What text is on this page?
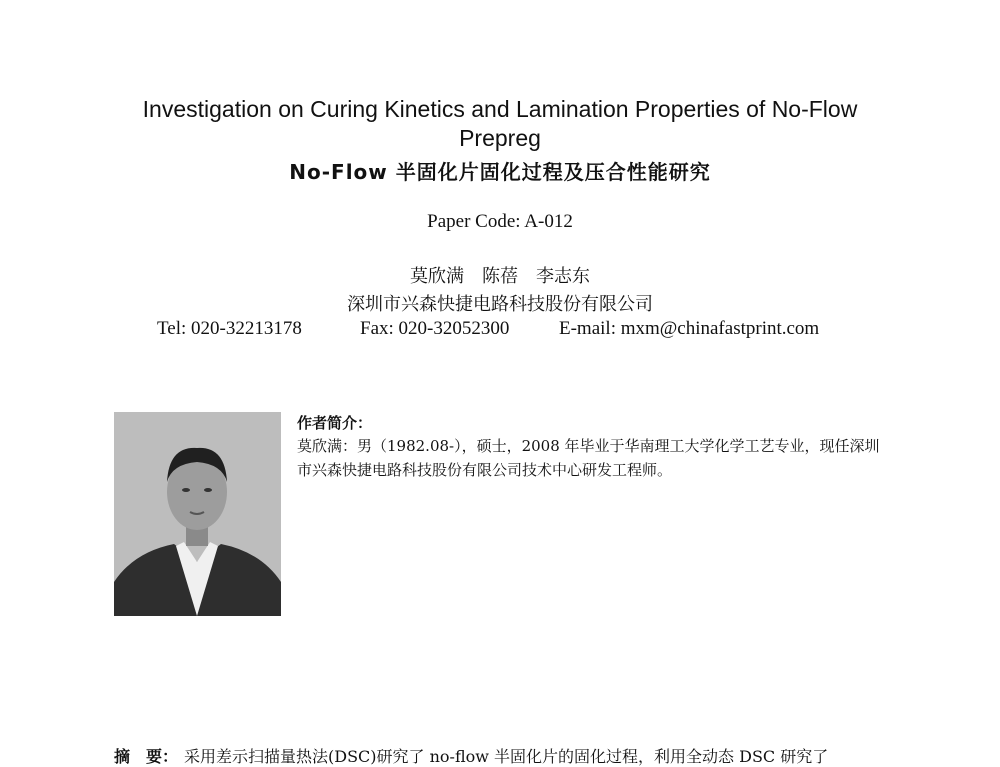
Investigation on Curing Kinetics and Lamination Properties of No-Flow Prepreg
No-Flow 半固化片固化过程及压合性能研究
Paper Code: A-012
莫欣满　陈蓓　李志东
深圳市兴森快捷电路科技股份有限公司
Tel: 020-32213178	Fax: 020-32052300	E-mail: mxm@chinafastprint.com
作者简介：
莫欣满：男（1982.08-），硕士，2008 年毕业于华南理工大学化学工艺专业，现任深圳市兴森快捷电路科技股份有限公司技术中心研发工程师。
摘　要： 采用差示扫描量热法(DSC)研究了 no-flow 半固化片的固化过程，利用全动态 DSC 研究了
